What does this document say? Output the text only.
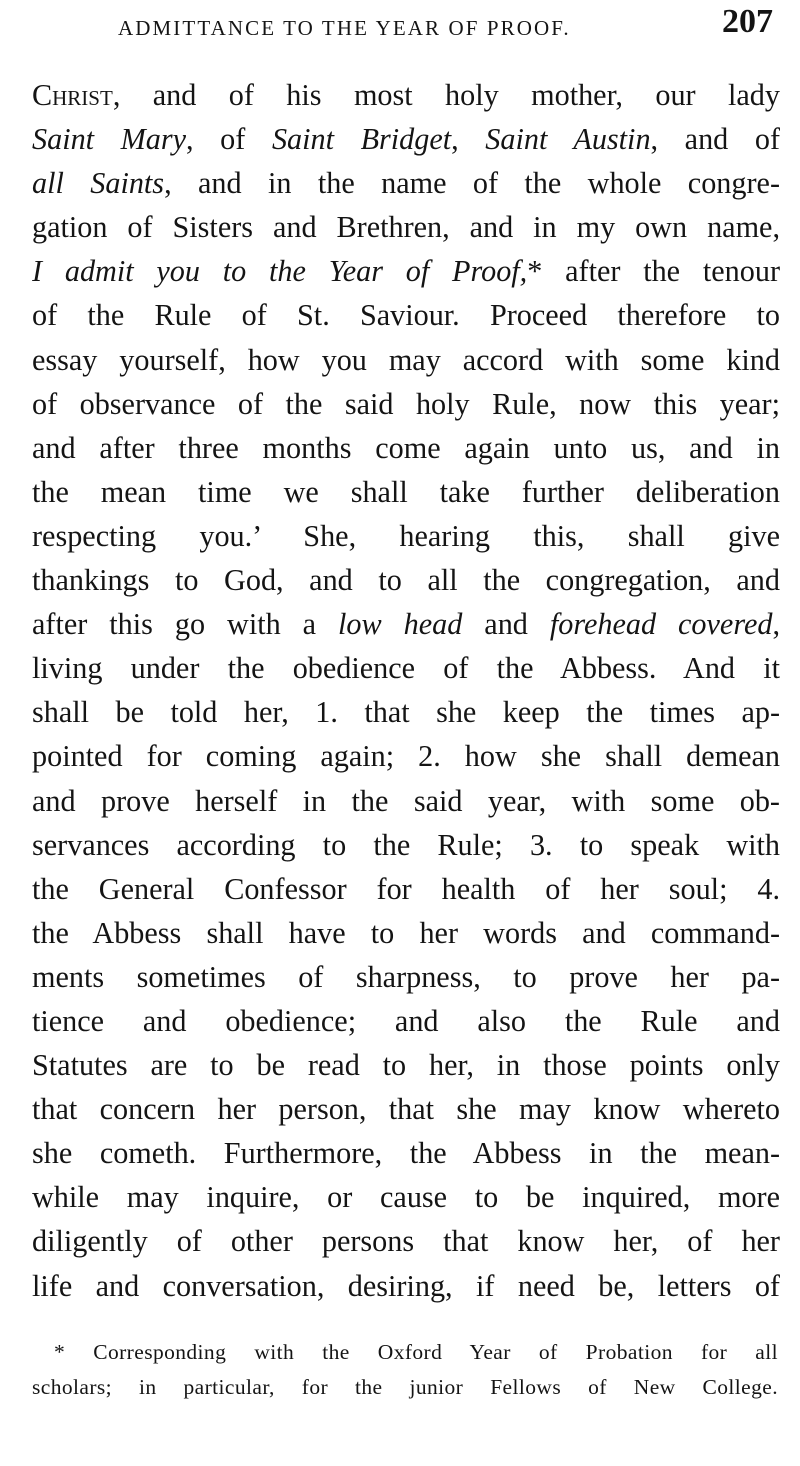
ADMITTANCE TO THE YEAR OF PROOF.	207
Christ, and of his most holy mother, our lady
Saint Mary, of Saint Bridget, Saint Austin, and of
all Saints, and in the name of the whole congre-
gation of Sisters and Brethren, and in my own name,
I admit you to the Year of Proof,* after the tenour
of the Rule of St. Saviour. Proceed therefore to
essay yourself, how you may accord with some kind
of observance of the said holy Rule, now this year;
and after three months come again unto us, and in
the mean time we shall take further deliberation
respecting you.’ She, hearing this, shall give
thankings to God, and to all the congregation, and
after this go with a low head and forehead covered,
living under the obedience of the Abbess. And it
shall be told her, 1. that she keep the times ap-
pointed for coming again; 2. how she shall demean
and prove herself in the said year, with some ob-
servances according to the Rule; 3. to speak with
the General Confessor for health of her soul; 4.
the Abbess shall have to her words and command-
ments sometimes of sharpness, to prove her pa-
tience and obedience; and also the Rule and
Statutes are to be read to her, in those points only
that concern her person, that she may know whereto
she cometh. Furthermore, the Abbess in the mean-
while may inquire, or cause to be inquired, more
diligently of other persons that know her, of her
life and conversation, desiring, if need be, letters of
* Corresponding with the Oxford Year of Probation for all
scholars; in particular, for the junior Fellows of New College.
